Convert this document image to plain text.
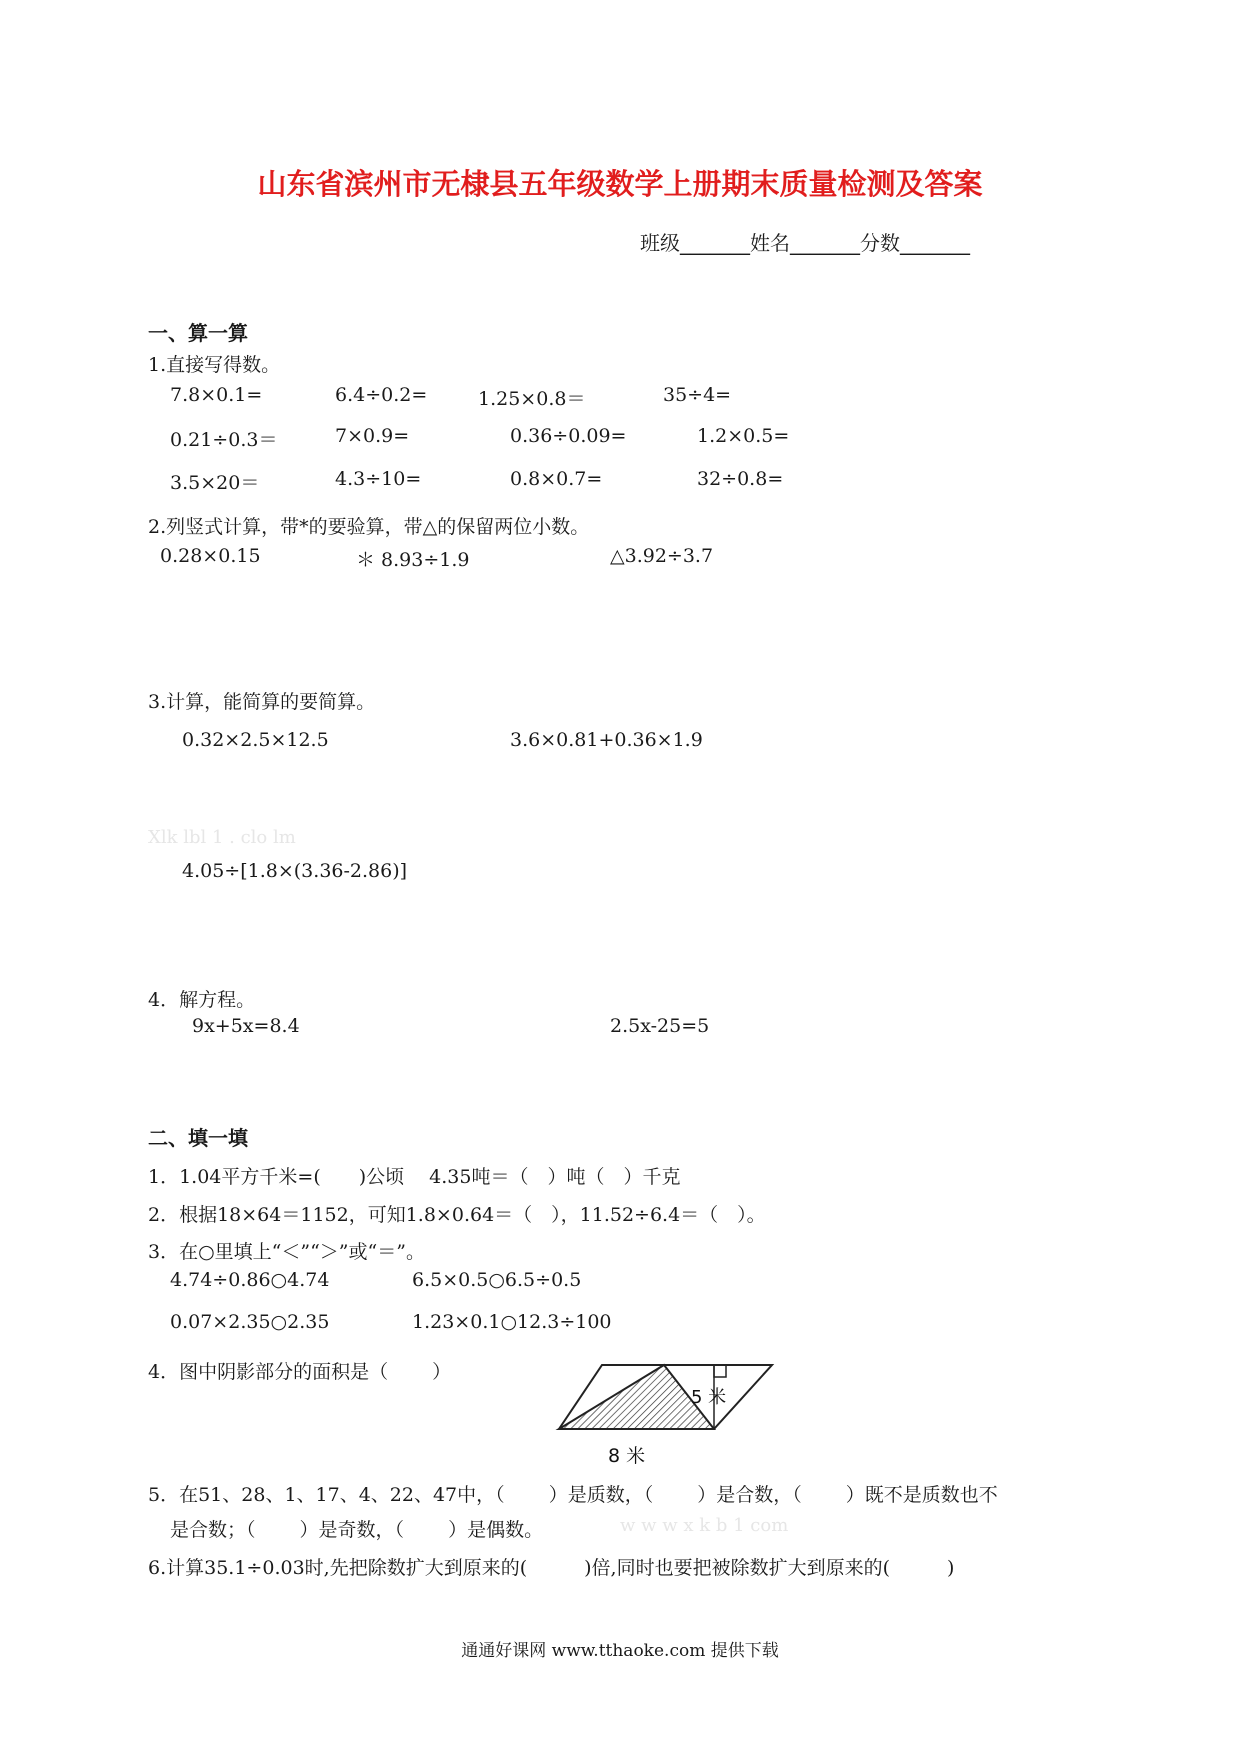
山东省滨州市无棣县五年级数学上册期末质量检测及答案
班级_______姓名_______分数_______
一、算一算
1.直接写得数。
7.8×0.1=	6.4÷0.2=	1.25×0.8＝	35÷4=
0.21÷0.3＝	7×0.9=	0.36÷0.09=	1.2×0.5=
3.5×20＝	4.3÷10=	0.8×0.7=	32÷0.8=
2.列竖式计算，带*的要验算，带△的保留两位小数。
0.28×0.15	＊ 8.93÷1.9	△3.92÷3.7
3.计算，能简算的要简算。
0.32×2.5×12.5	3.6×0.81+0.36×1.9
Xlk lbl 1 . clo lm
4.05÷[1.8×(3.36-2.86)]
4．解方程。
9x+5x=8.4	2.5x-25=5
二、填一填
1．1.04平方千米=(　　)公顷　 4.35吨＝（　）吨（　）千克
2．根据18×64＝1152，可知1.8×0.64＝（　），11.52÷6.4＝（　）。
3．在○里填上“＜”“＞”或“＝”。
4.74÷0.86○4.74	6.5×0.5○6.5÷0.5
0.07×2.35○2.35	1.23×0.1○12.3÷100
4．图中阴影部分的面积是（　　 ）
5 米
8 米
5．在51、28、1、17、4、22、47中，（　　 ）是质数，（　　 ）是合数，（　　 ）既不是质数也不
是合数；（　　 ）是奇数，（　　 ）是偶数。	w w w x k b 1 com
6.计算35.1÷0.03时,先把除数扩大到原来的(　　　)倍,同时也要把被除数扩大到原来的(　　　)
通通好课网 www.tthaoke.com 提供下载
